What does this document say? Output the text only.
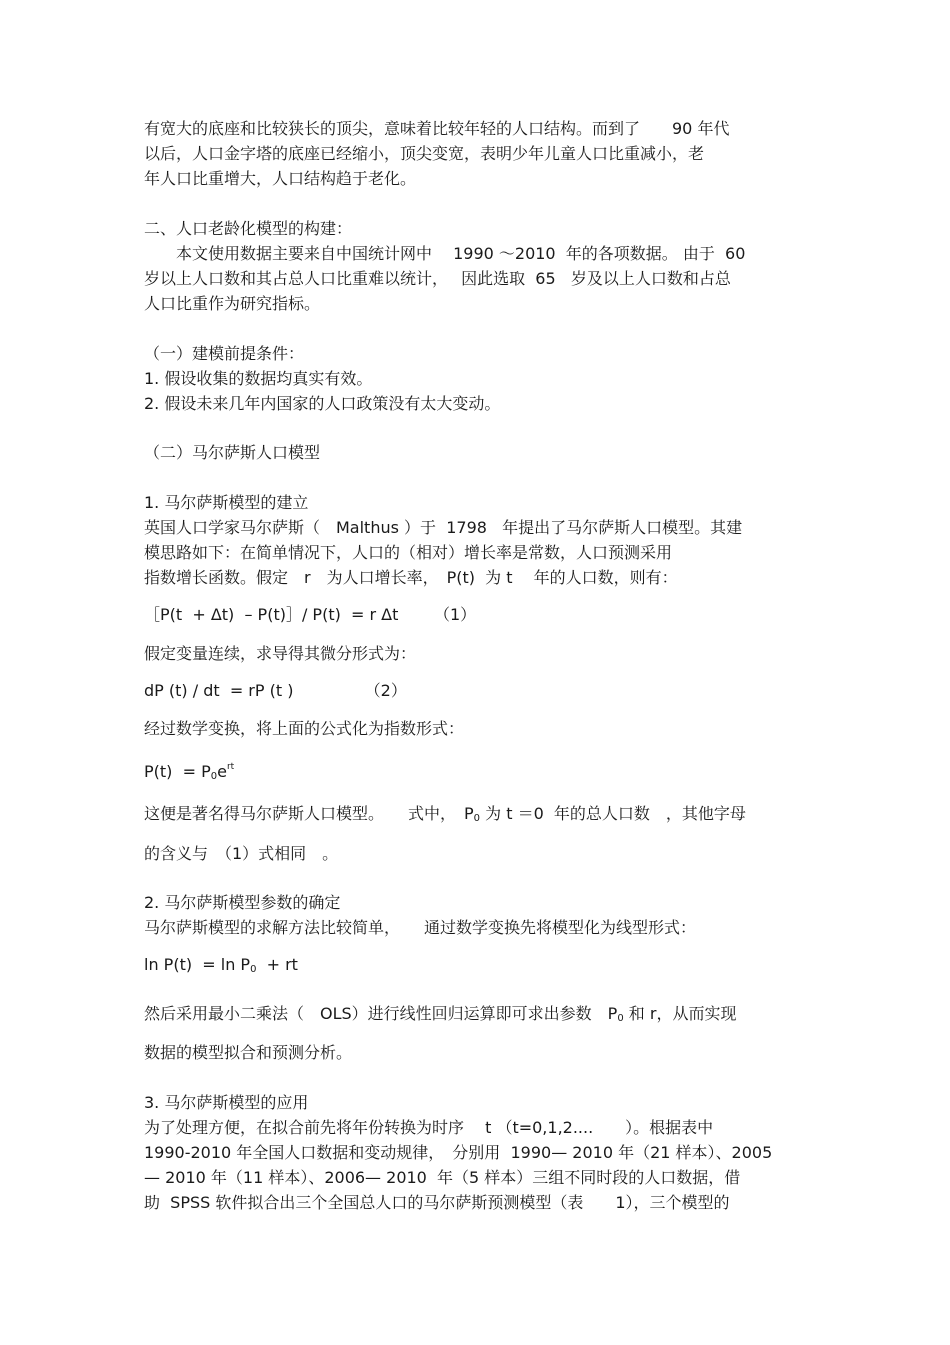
有宽大的底座和比较狭长的顶尖，意味着比较年轻的人口结构。而到了　　90 年代

以后，人口金字塔的底座已经缩小，顶尖变宽，表明少年儿童人口比重减小，老

年人口比重增大，人口结构趋于老化。

二、人口老龄化模型的构建：

本文使用数据主要来自中国统计网中　 1990 ～2010  年的各项数据。 由于  60

岁以上人口数和其占总人口比重难以统计，　 因此选取  65   岁及以上人口数和占总

人口比重作为研究指标。

（一）建模前提条件：

1. 假设收集的数据均真实有效。

2. 假设未来几年内国家的人口政策没有太大变动。

（二）马尔萨斯人口模型

1. 马尔萨斯模型的建立

英国人口学家马尔萨斯（　Malthus ）于  1798   年提出了马尔萨斯人口模型。其建

模思路如下：在简单情况下，人口的（相对）增长率是常数，人口预测采用

指数增长函数。假定　r　为人口增长率，　P(t)  为 t　 年的人口数，则有：

［P(t  + Δt)  – P(t)］/ P(t)  = r Δt       （1）

假定变量连续，求导得其微分形式为：

dP (t) / dt  = rP (t )              （2）

经过数学变换，将上面的公式化为指数形式：

$P(t) = P_0e^{rt}$

这便是著名得马尔萨斯人口模型。　　式中，　$P_0$ 为 t ＝0  年的总人口数　，其他字母

的含义与　（1）式相同　。

2. 马尔萨斯模型参数的确定

马尔萨斯模型的求解方法比较简单，　　通过数学变换先将模型化为线型形式：

$\ln P(t) = \ln P_0$  + rt

然后采用最小二乘法（　OLS）进行线性回归运算即可求出参数　$P_0$ 和 r，从而实现

数据的模型拟合和预测分析。

3. 马尔萨斯模型的应用

为了处理方便，在拟合前先将年份转换为时序　 t （t=0,1,2....　　）。根据表中

1990-2010 年全国人口数据和变动规律，　分别用  1990— 2010 年（21 样本）、2005

— 2010 年（11 样本）、2006— 2010  年（5 样本）三组不同时段的人口数据，借

助  SPSS 软件拟合出三个全国总人口的马尔萨斯预测模型（表　　1），三个模型的
